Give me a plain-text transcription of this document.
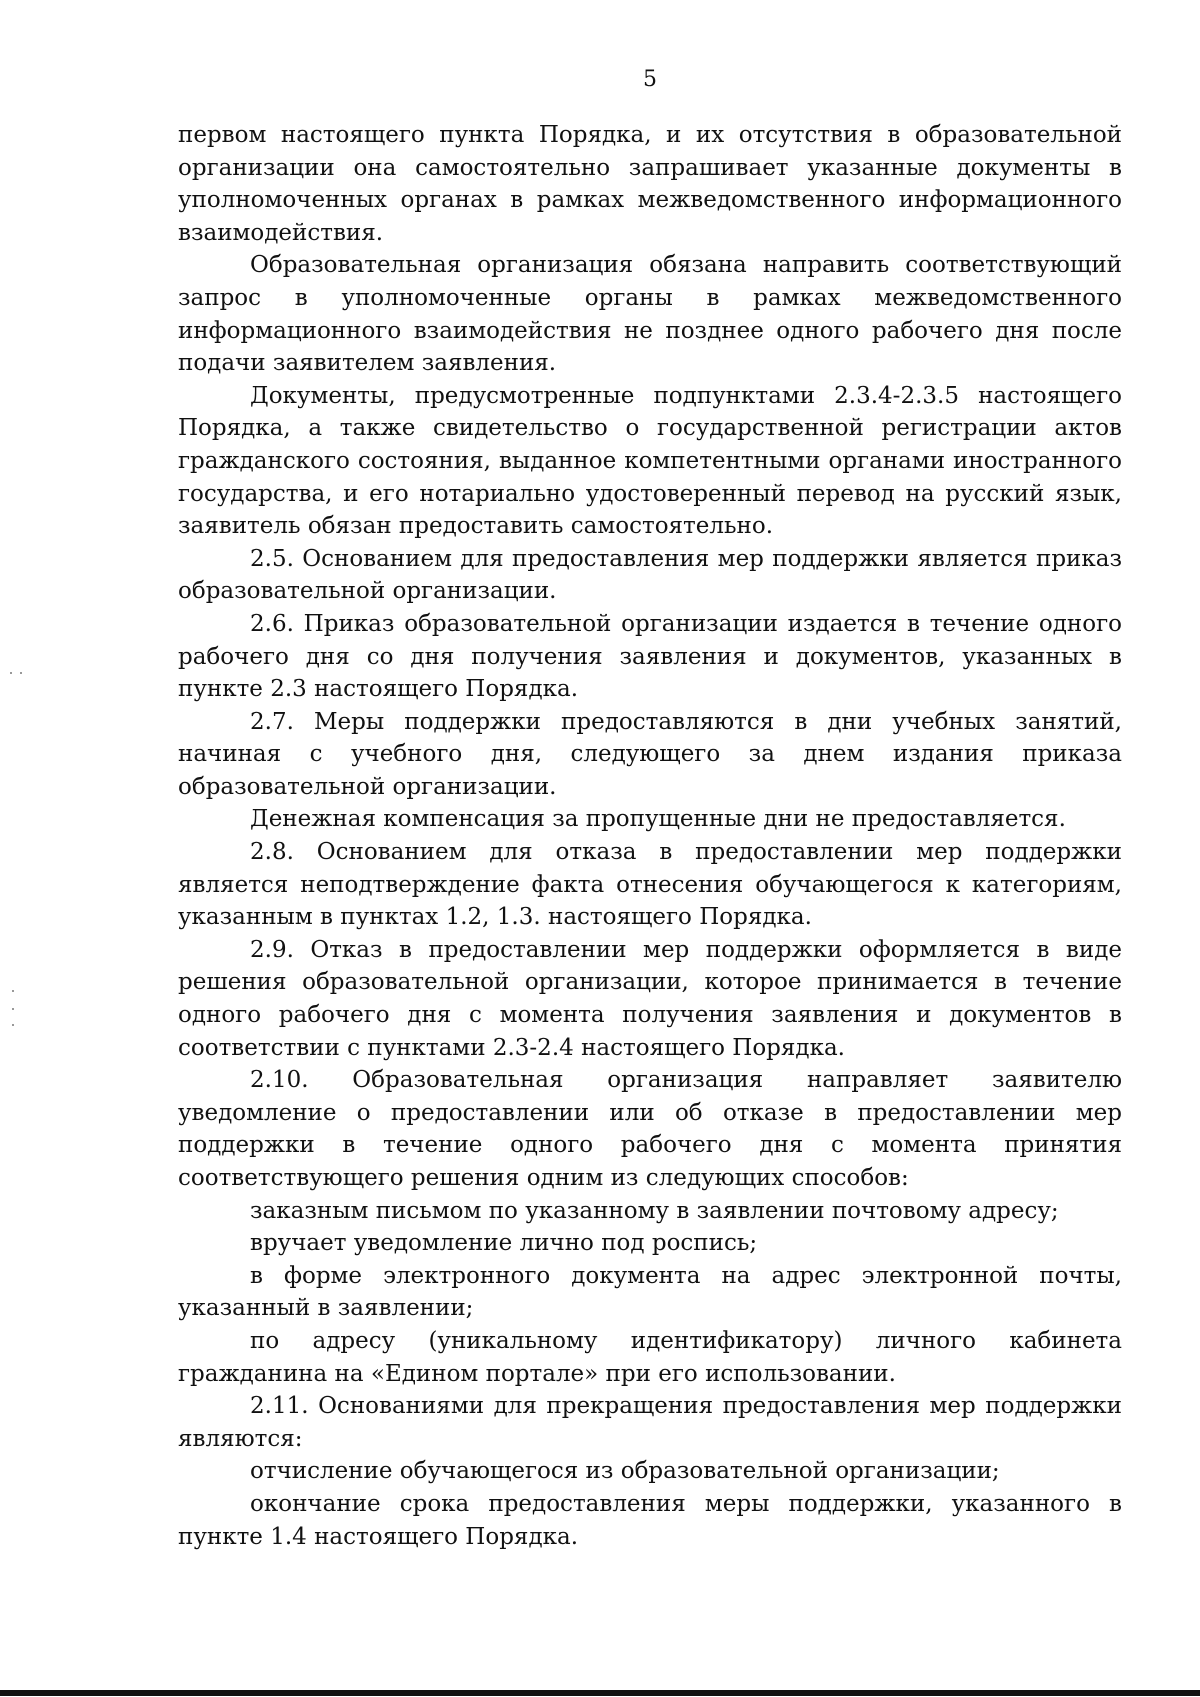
5

первом настоящего пункта Порядка, и их отсутствия в образовательной организации она самостоятельно запрашивает указанные документы в уполномоченных органах в рамках межведомственного информационного взаимодействия.

Образовательная организация обязана направить соответствующий запрос в уполномоченные органы в рамках межведомственного информационного взаимодействия не позднее одного рабочего дня после подачи заявителем заявления.

Документы, предусмотренные подпунктами 2.3.4-2.3.5 настоящего Порядка, а также свидетельство о государственной регистрации актов гражданского состояния, выданное компетентными органами иностранного государства, и его нотариально удостоверенный перевод на русский язык, заявитель обязан предоставить самостоятельно.

2.5. Основанием для предоставления мер поддержки является приказ образовательной организации.

2.6. Приказ образовательной организации издается в течение одного рабочего дня со дня получения заявления и документов, указанных в пункте 2.3 настоящего Порядка.

2.7. Меры поддержки предоставляются в дни учебных занятий, начиная с учебного дня, следующего за днем издания приказа образовательной организации.

Денежная компенсация за пропущенные дни не предоставляется.

2.8. Основанием для отказа в предоставлении мер поддержки является неподтверждение факта отнесения обучающегося к категориям, указанным в пунктах 1.2, 1.3. настоящего Порядка.

2.9. Отказ в предоставлении мер поддержки оформляется в виде решения образовательной организации, которое принимается в течение одного рабочего дня с момента получения заявления и документов в соответствии с пунктами 2.3-2.4 настоящего Порядка.

2.10. Образовательная организация направляет заявителю уведомление о предоставлении или об отказе в предоставлении мер поддержки в течение одного рабочего дня с момента принятия соответствующего решения одним из следующих способов:

заказным письмом по указанному в заявлении почтовому адресу;

вручает уведомление лично под роспись;

в форме электронного документа на адрес электронной почты, указанный в заявлении;

по адресу (уникальному идентификатору) личного кабинета гражданина на «Едином портале» при его использовании.

2.11. Основаниями для прекращения предоставления мер поддержки являются:

отчисление обучающегося из образовательной организации;

окончание срока предоставления меры поддержки, указанного в пункте 1.4 настоящего Порядка.
